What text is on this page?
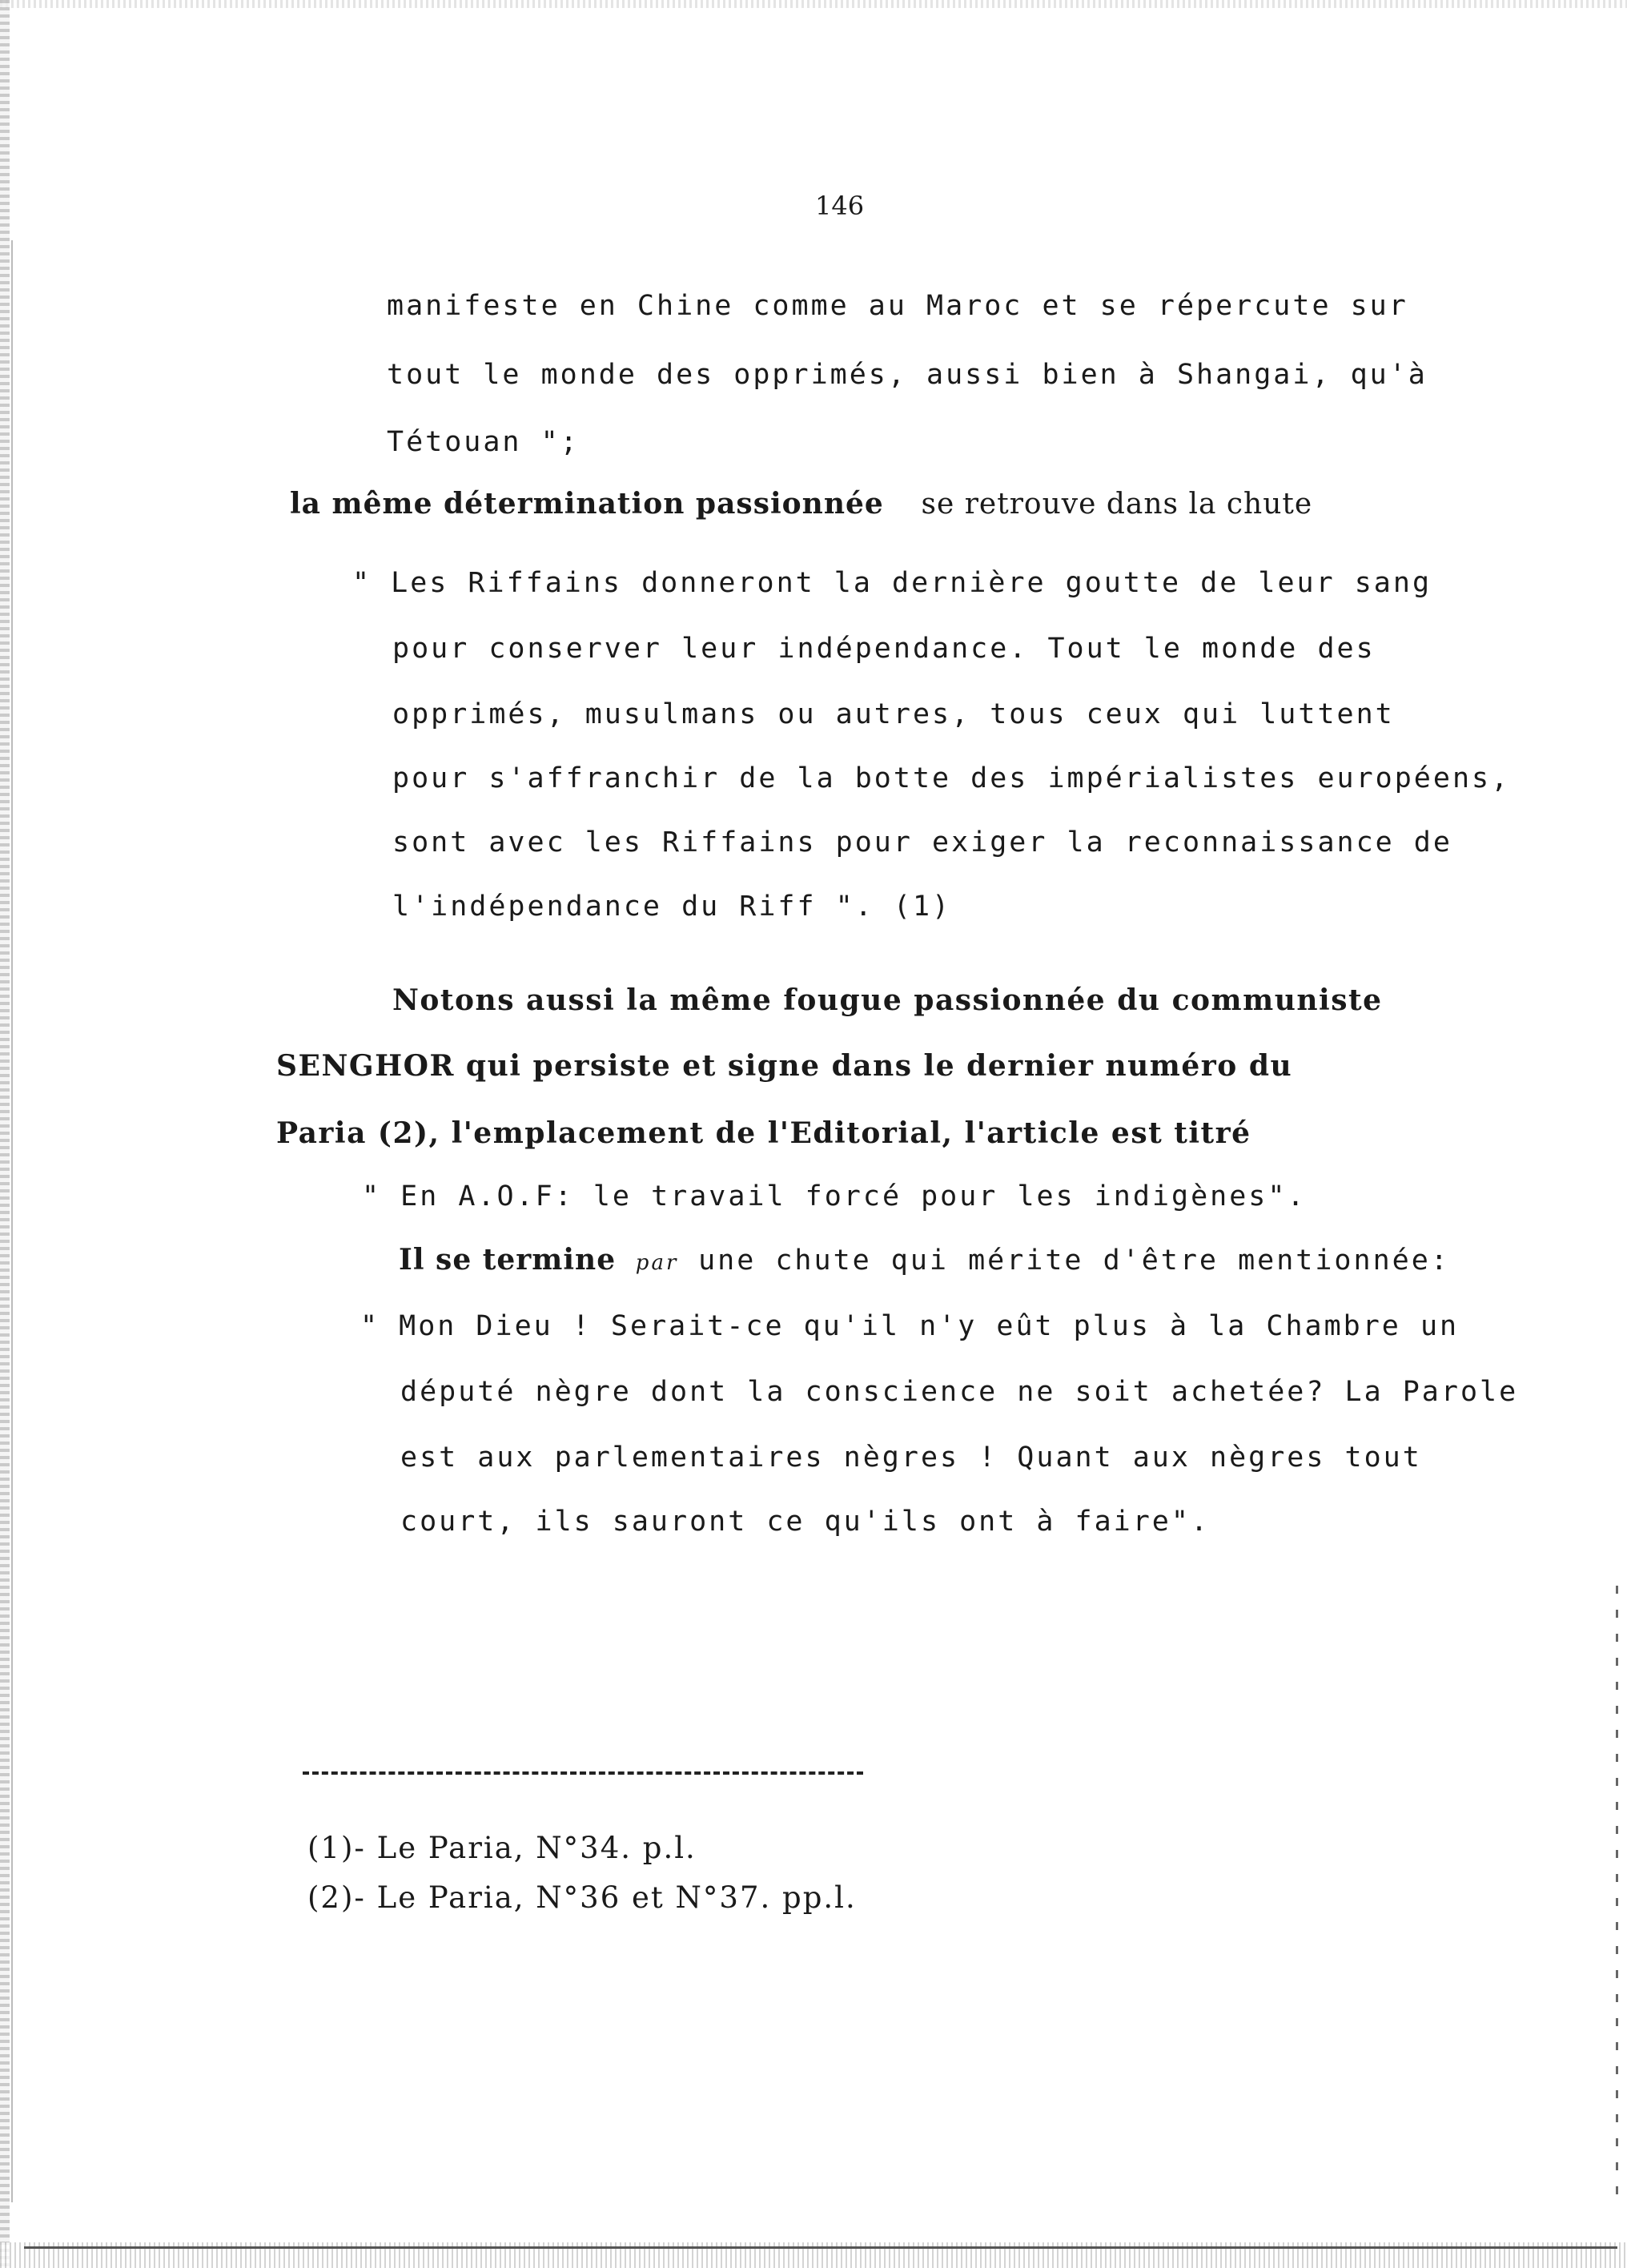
146
manifeste en Chine comme au Maroc et se répercute sur
tout le monde des opprimés, aussi bien à Shangai, qu'à
Tétouan ";
la même détermination passionnée se retrouve dans la chute
" Les Riffains donneront la dernière goutte de leur sang
pour conserver leur indépendance. Tout le monde des
opprimés, musulmans ou autres, tous ceux qui luttent
pour s'affranchir de la botte des impérialistes européens,
sont avec les Riffains pour exiger la reconnaissance de
l'indépendance du Riff ". (1)
Notons aussi la même fougue passionnée du communiste
SENGHOR qui persiste et signe dans le dernier numéro du
Paria (2), l'emplacement de l'Editorial, l'article est titré
" En A.O.F: le travail forcé pour les indigènes".
Il se termine par une chute qui mérite d'être mentionnée:
" Mon Dieu ! Serait-ce qu'il n'y eût plus à la Chambre un
député nègre dont la conscience ne soit achetée? La Parole
est aux parlementaires nègres ! Quant aux nègres tout
court, ils sauront ce qu'ils ont à faire".
(1)- Le Paria, N°34. p.l.
(2)- Le Paria, N°36 et N°37. pp.l.
